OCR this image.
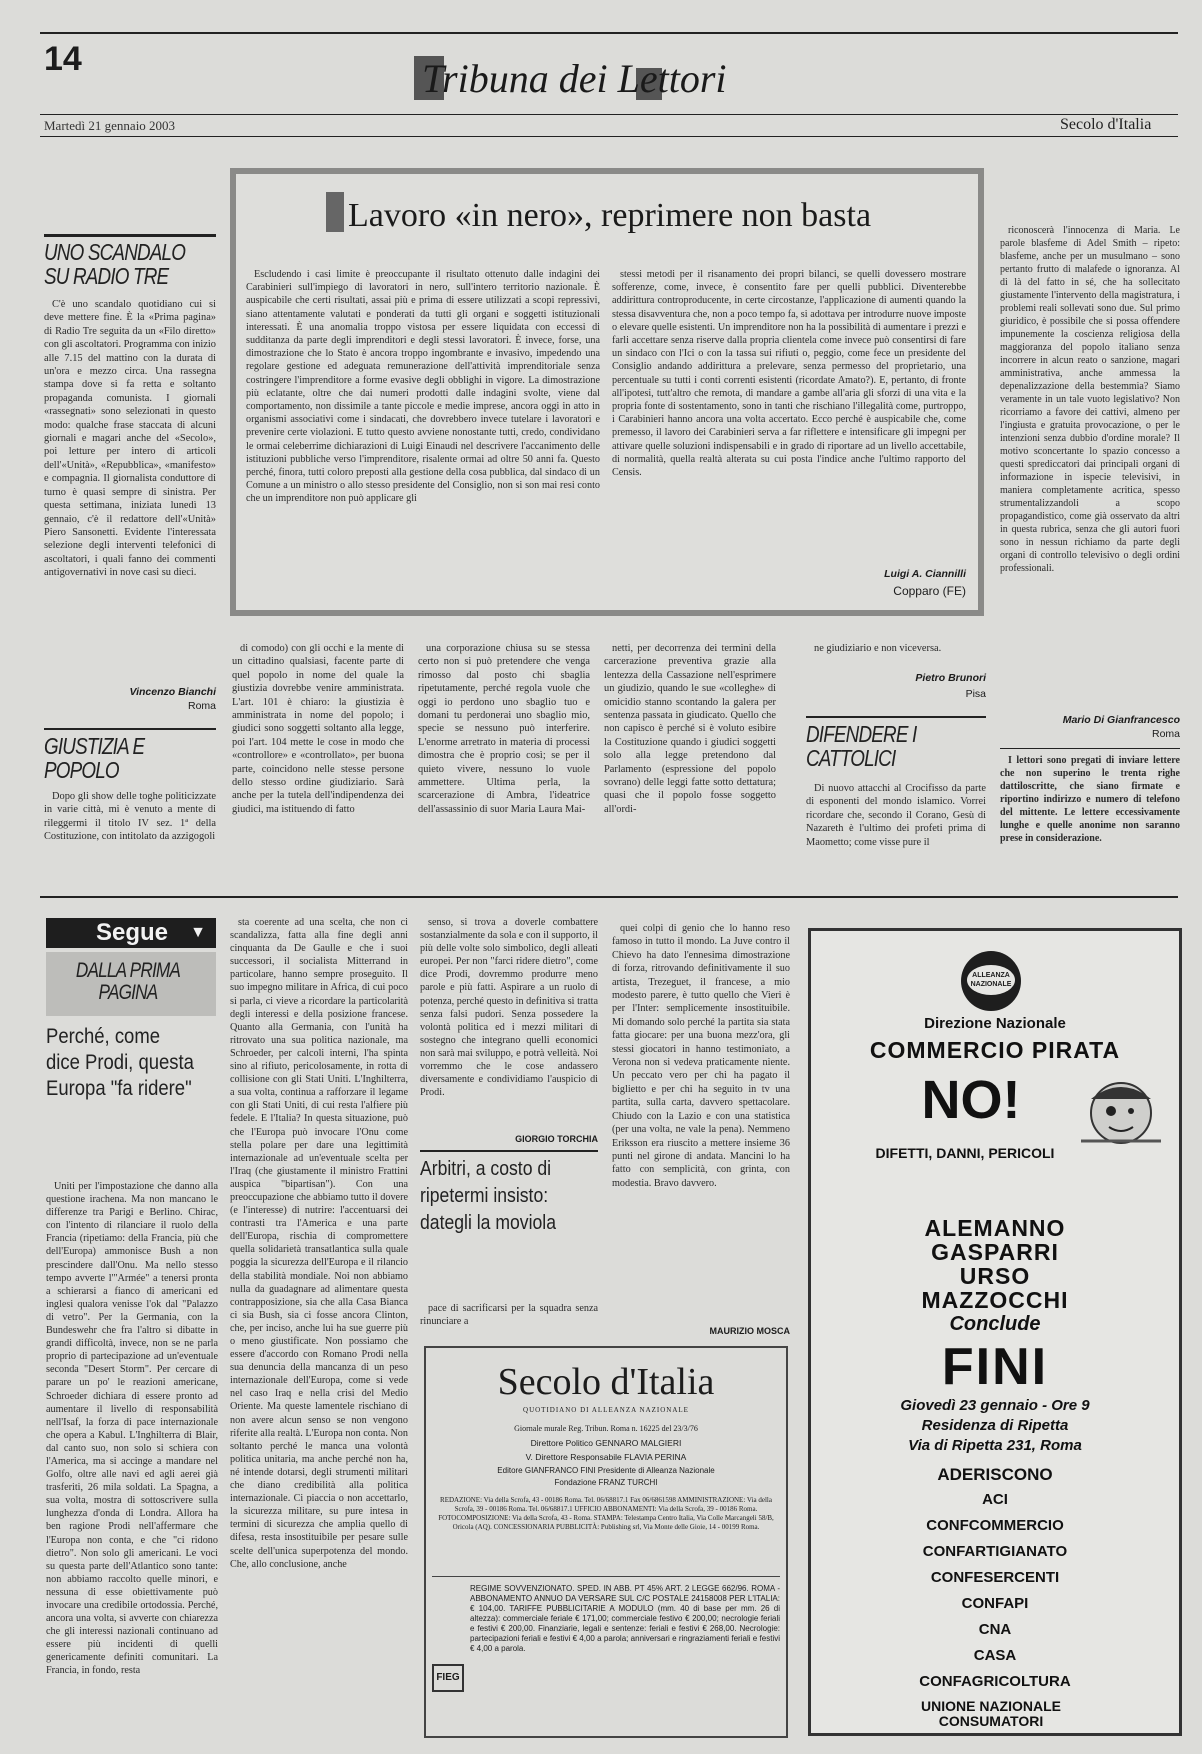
14	Tribuna dei Lettori
Martedì 21 gennaio 2003	Secolo d'Italia
Lavoro «in nero», reprimere non basta

Escludendo i casi limite è preoccupante il risultato ottenuto dalle indagini dei Carabinieri sull'impiego di lavoratori in nero, sull'intero territorio nazionale. È auspicabile che certi risultati, assai più e prima di essere utilizzati a scopi repressivi, siano attentamente valutati e ponderati da tutti gli organi e soggetti istituzionali interessati. È una anomalia troppo vistosa per essere liquidata con eccessi di sudditanza da parte degli imprenditori e degli stessi lavoratori. È invece, forse, una dimostrazione che lo Stato è ancora troppo ingombrante e invasivo, impedendo una regolare gestione ed adeguata remunerazione dell'attività imprenditoriale senza costringere l'imprenditore a forme evasive degli obblighi in vigore. La dimostrazione più eclatante, oltre che dai numeri prodotti dalle indagini svolte, viene dal comportamento, non dissimile a tante piccole e medie imprese, ancora oggi in atto in organismi associativi come i sindacati, che dovrebbero invece tutelare i lavoratori e prevenire certe violazioni. E tutto questo avviene nonostante tutti, credo, condividano le ormai celeberrime dichiarazioni di Luigi Einaudi nel descrivere l'accanimento delle istituzioni pubbliche verso l'imprenditore, risalente ormai ad oltre 50 anni fa. Questo perché, finora, tutti coloro preposti alla gestione della cosa pubblica, dal sindaco di un Comune a un ministro o allo stesso presidente del Consiglio, non si son mai resi conto che un imprenditore non può applicare gli

stessi metodi per il risanamento dei propri bilanci, se quelli dovessero mostrare sofferenze, come, invece, è consentito fare per quelli pubblici. Diventerebbe addirittura controproducente, in certe circostanze, l'applicazione di aumenti quando la stessa disavventura che, non a poco tempo fa, si adottava per introdurre nuove imposte o elevare quelle esistenti. Un imprenditore non ha la possibilità di aumentare i prezzi e farli accettare senza riserve dalla propria clientela come invece può consentirsi di fare un sindaco con l'Ici o con la tassa sui rifiuti o, peggio, come fece un presidente del Consiglio andando addirittura a prelevare, senza permesso del proprietario, una percentuale su tutti i conti correnti esistenti (ricordate Amato?). E, pertanto, di fronte all'ipotesi, tutt'altro che remota, di mandare a gambe all'aria gli sforzi di una vita e la propria fonte di sostentamento, sono in tanti che rischiano l'illegalità come, purtroppo, i Carabinieri hanno ancora una volta accertato. Ecco perché è auspicabile che, come premesso, il lavoro dei Carabinieri serva a far riflettere e intensificare gli impegni per attivare quelle soluzioni indispensabili e in grado di riportare ad un livello accettabile, di normalità, quella realtà alterata su cui posta l'indice anche l'ultimo rapporto del Censis.

Luigi A. Ciannilli
Copparo (FE)
UNO SCANDALO SU RADIO TRE

C'è uno scandalo quotidiano cui si deve mettere fine. È la «Prima pagina» di Radio Tre seguita da un «Filo diretto» con gli ascoltatori. Programma con inizio alle 7.15 del mattino con la durata di un'ora e mezzo circa. Una rassegna stampa dove si fa retta e soltanto propaganda comunista. I giornali «rassegnati» sono selezionati in questo modo: qualche frase staccata di alcuni giornali e magari anche del «Secolo», poi letture per intero di articoli dell'«Unità», «Repubblica», «manifesto» e compagnia. Il giornalista conduttore di turno è quasi sempre di sinistra. Per questa settimana, iniziata lunedì 13 gennaio, c'è il redattore dell'«Unità» Piero Sansonetti. Evidente l'interessata selezione degli interventi telefonici di ascoltatori, i quali fanno dei commenti antigovernativi in nove casi su dieci.

Vincenzo Bianchi
Roma
GIUSTIZIA E POPOLO

Dopo gli show delle toghe politicizzate in varie città, mi è venuto a mente di rileggermi il titolo IV sez. 1ª della Costituzione, con intitolato da azzigogoli

riconoscerà l'innocenza di Maria. Le parole blasfeme di Adel Smith – ripeto: blasfeme, anche per un musulmano – sono pertanto frutto di malafede o ignoranza. Al di là del fatto in sé, che ha sollecitato giustamente l'intervento della magistratura, i problemi reali sollevati sono due. Sul primo giuridico, è possibile che si possa offendere impunemente la coscienza religiosa della maggioranza del popolo italiano senza incorrere in alcun reato o sanzione, magari amministrativa, anche ammessa la depenalizzazione della bestemmia? Siamo veramente in un tale vuoto legislativo? Non ricorriamo a favore dei cattivi, almeno per l'ingiusta e gratuita provocazione, o per le intenzioni senza dubbio d'ordine morale? Il motivo sconcertante lo spazio concesso a questi sprediccatori dai principali organi di informazione in ispecie televisivi, in maniera completamente acritica, spesso strumentalizzandoli a scopo propagandistico, come già osservato da altri in questa rubrica, senza che gli autori fuori sono in nessun richiamo da parte degli organi di controllo televisivo o degli ordini professionali.

Mario Di Gianfrancesco
Roma

I lettori sono pregati di inviare lettere che non superino le trenta righe dattiloscritte, che siano firmate e riportino indirizzo e numero di telefono del mittente. Le lettere eccessivamente lunghe e quelle anonime non saranno prese in considerazione.

di comodo) con gli occhi e la mente di un cittadino qualsiasi, facente parte di quel popolo in nome del quale la giustizia dovrebbe venire amministrata. L'art. 101 è chiaro: la giustizia è amministrata in nome del popolo; i giudici sono soggetti soltanto alla legge, poi l'art. 104 mette le cose in modo che «controllore» e «controllato», per buona parte, coincidono nelle stesse persone dello stesso ordine giudiziario. Sarà anche per la tutela dell'indipendenza dei giudici, ma istituendo di fatto

una corporazione chiusa su se stessa certo non si può pretendere che venga rimosso dal posto chi sbaglia ripetutamente, perché regola vuole che oggi io perdono uno sbaglio tuo e domani tu perdonerai uno sbaglio mio, specie se nessuno può interferire. L'enorme arretrato in materia di processi dimostra che è proprio così; se per il quieto vivere, nessuno lo vuole ammettere. Ultima perla, la scarcerazione di Ambra, l'ideatrice dell'assassinio di suor Maria Laura Mai-

netti, per decorrenza dei termini della carcerazione preventiva grazie alla lentezza della Cassazione nell'esprimere un giudizio, quando le sue «colleghe» di omicidio stanno scontando la galera per sentenza passata in giudicato. Quello che non capisco è perché si è voluto esibire la Costituzione quando i giudici soggetti solo alla legge pretendono dal Parlamento (espressione del popolo sovrano) delle leggi fatte sotto dettatura; quasi che il popolo fosse soggetto all'ordi-

ne giudiziario e non viceversa.

Pietro Brunori
Pisa
DIFENDERE I CATTOLICI

Di nuovo attacchi al Crocifisso da parte di esponenti del mondo islamico. Vorrei ricordare che, secondo il Corano, Gesù di Nazareth è l'ultimo dei profeti prima di Maometto; come visse pure il

Segue ▼
DALLA PRIMA PAGINA
Perché, come dice Prodi, questa Europa "fa ridere"

Uniti per l'impostazione che danno alla questione irachena. Ma non mancano le differenze tra Parigi e Berlino. Chirac, con l'intento di rilanciare il ruolo della Francia (ripetiamo: della Francia, più che dell'Europa) ammonisce Bush a non prescindere dall'Onu. Ma nello stesso tempo avverte l'"Armée" a tenersi pronta a schierarsi a fianco di americani ed inglesi qualora venisse l'ok dal "Palazzo di vetro". Per la Germania, con la Bundeswehr che fra l'altro si dibatte in grandi difficoltà, invece, non se ne parla proprio di partecipazione ad un'eventuale seconda "Desert Storm". Per cercare di parare un po' le reazioni americane, Schroeder dichiara di essere pronto ad aumentare il livello di responsabilità nell'Isaf, la forza di pace internazionale che opera a Kabul. L'Inghilterra di Blair, dal canto suo, non solo si schiera con l'America, ma si accinge a mandare nel Golfo, oltre alle navi ed agli aerei già trasferiti, 26 mila soldati. La Spagna, a sua volta, mostra di sottoscrivere sulla lunghezza d'onda di Londra. Allora ha ben ragione Prodi nell'affermare che l'Europa non conta, e che "ci ridono dietro". Non solo gli americani. Le voci su questa parte dell'Atlantico sono tante: non abbiamo raccolto quelle minori, e nessuna di esse obiettivamente può invocare una credibile ortodossia. Perché, ancora una volta, si avverte con chiarezza che gli interessi nazionali continuano ad essere più incidenti di quelli genericamente definiti comunitari. La Francia, in fondo, resta

sta coerente ad una scelta, che non ci scandalizza, fatta alla fine degli anni cinquanta da De Gaulle e che i suoi successori, il socialista Mitterrand in particolare, hanno sempre proseguito. Il suo impegno militare in Africa, di cui poco si parla, ci vieve a ricordare la particolarità degli interessi e della posizione francese. Quanto alla Germania, con l'unità ha ritrovato una sua politica nazionale, ma Schroeder, per calcoli interni, l'ha spinta sino al rifiuto, pericolosamente, in rotta di collisione con gli Stati Uniti. L'Inghilterra, a sua volta, continua a rafforzare il legame con gli Stati Uniti, di cui resta l'alfiere più fedele. E l'Italia? In questa situazione, può che l'Europa può invocare l'Onu come stella polare per dare una legittimità internazionale ad un'eventuale scelta per l'Iraq (che giustamente il ministro Frattini auspica "bipartisan"). Con una preoccupazione che abbiamo tutto il dovere (e l'interesse) di nutrire: l'accentuarsi dei contrasti tra l'America e una parte dell'Europa, rischia di compromettere quella solidarietà transatlantica sulla quale poggia la sicurezza dell'Europa e il rilancio della stabilità mondiale. Noi non abbiamo nulla da guadagnare ad alimentare questa contrapposizione, sia che alla Casa Bianca ci sia Bush, sia ci fosse ancora Clinton, che, per inciso, anche lui ha sue guerre più o meno giustificate. Non possiamo che essere d'accordo con Romano Prodi nella sua denuncia della mancanza di un peso internazionale dell'Europa, come si vede nel caso Iraq e nella crisi del Medio Oriente. Ma queste lamentele rischiano di non avere alcun senso se non vengono riferite alla realtà. L'Europa non conta. Non soltanto perché le manca una volontà politica unitaria, ma anche perché non ha, né intende dotarsi, degli strumenti militari che diano credibilità alla politica internazionale. Ci piaccia o non accettarlo, la sicurezza militare, su pure intesa in termini di sicurezza che amplia quello di difesa, resta insostituibile per pesare sulle scelte dell'unica superpotenza del mondo. Che, allo conclusione, anche

senso, si trova a doverle combattere sostanzialmente da sola e con il supporto, il più delle volte solo simbolico, degli alleati europei. Per non "farci ridere dietro", come dice Prodi, dovremmo produrre meno parole e più fatti. Aspirare a un ruolo di potenza, perché questo in definitiva si tratta senza falsi pudori. Senza possedere la volontà politica ed i mezzi militari di sostegno che integrano quelli economici non sarà mai sviluppo, e potrà velleità. Noi vorremmo che le cose andassero diversamente e condividiamo l'auspicio di Prodi.

GIORGIO TORCHIA
Arbitri, a costo di ripetermi insisto: dategli la moviola

pace di sacrificarsi per la squadra senza rinunciare a

quei colpi di genio che lo hanno reso famoso in tutto il mondo. La Juve contro il Chievo ha dato l'ennesima dimostrazione di forza, ritrovando definitivamente il suo artista, Trezeguet, il francese, a mio modesto parere, è tutto quello che Vieri è per l'Inter: semplicemente insostituibile. Mi domando solo perché la partita sia stata fatta giocare: per una buona mezz'ora, gli stessi giocatori in hanno testimoniato, a Verona non si vedeva praticamente niente. Un peccato vero per chi ha pagato il biglietto e per chi ha seguito in tv una partita, sulla carta, davvero spettacolare. Chiudo con la Lazio e con una statistica (per una volta, ne vale la pena). Nemmeno Eriksson era riuscito a mettere insieme 36 punti nel girone di andata. Mancini lo ha fatto con semplicità, con grinta, con modestia. Bravo davvero.

MAURIZIO MOSCA
Secolo d'Italia
QUOTIDIANO DI ALLEANZA NAZIONALE
Giornale murale Reg. Tribun. Roma n. 16225 del 23/3/76
Direttore Politico GENNARO MALGIERI
V. Direttore Responsabile FLAVIA PERINA
Editore GIANFRANCO FINI Presidente di Alleanza Nazionale
Fondazione FRANZ TURCHI
REDAZIONE: Via della Scrofa, 43 - 00186 Roma. Tel. 06/68817.1 Fax 06/6861598 AMMINISTRAZIONE: Via della Scrofa, 39 - 00186 Roma. Tel. 06/68817.1 UFFICIO ABBONAMENTI: Via della Scrofa, 39 - 00186 Roma. FOTOCOMPOSIZIONE: Via della Scrofa, 43 - Roma. STAMPA: Telestampa Centro Italia, Via Colle Marcangeli 58/B, Oricola (AQ). CONCESSIONARIA PUBBLICITÀ: Publishing srl, Via Monte delle Gioie, 14 - 00199 Roma.
REGIME SOVVENZIONATO. SPED. IN ABB. PT 45% ART. 2 LEGGE 662/96. ROMA - ABBONAMENTO ANNUO DA VERSARE SUL C/C POSTALE 24158008 PER L'ITALIA: € 104,00. TARIFFE PUBBLICITARIE A MODULO (mm. 40 di base per mm. 26 di altezza): commerciale feriale € 171,00; commerciale festivo € 200,00; necrologie feriali e festivi € 200,00. Finanziarie, legali e sentenze: feriali e festivi € 268,00. Necrologie: partecipazioni feriali e festivi € 4,00 a parola; anniversari e ringraziamenti feriali e festivi € 4,00 a parola.
FIEG
ALLEANZA NAZIONALE
Direzione Nazionale
COMMERCIO PIRATA
NO!
DIFETTI, DANNI, PERICOLI
ALEMANNO
GASPARRI
URSO
MAZZOCCHI
Conclude
FINI
Giovedì 23 gennaio - Ore 9
Residenza di Ripetta
Via di Ripetta 231, Roma
ADERISCONO
ACI
CONFCOMMERCIO
CONFARTIGIANATO
CONFESERCENTI
CONFAPI
CNA
CASA
CONFAGRICOLTURA
UNIONE NAZIONALE CONSUMATORI
